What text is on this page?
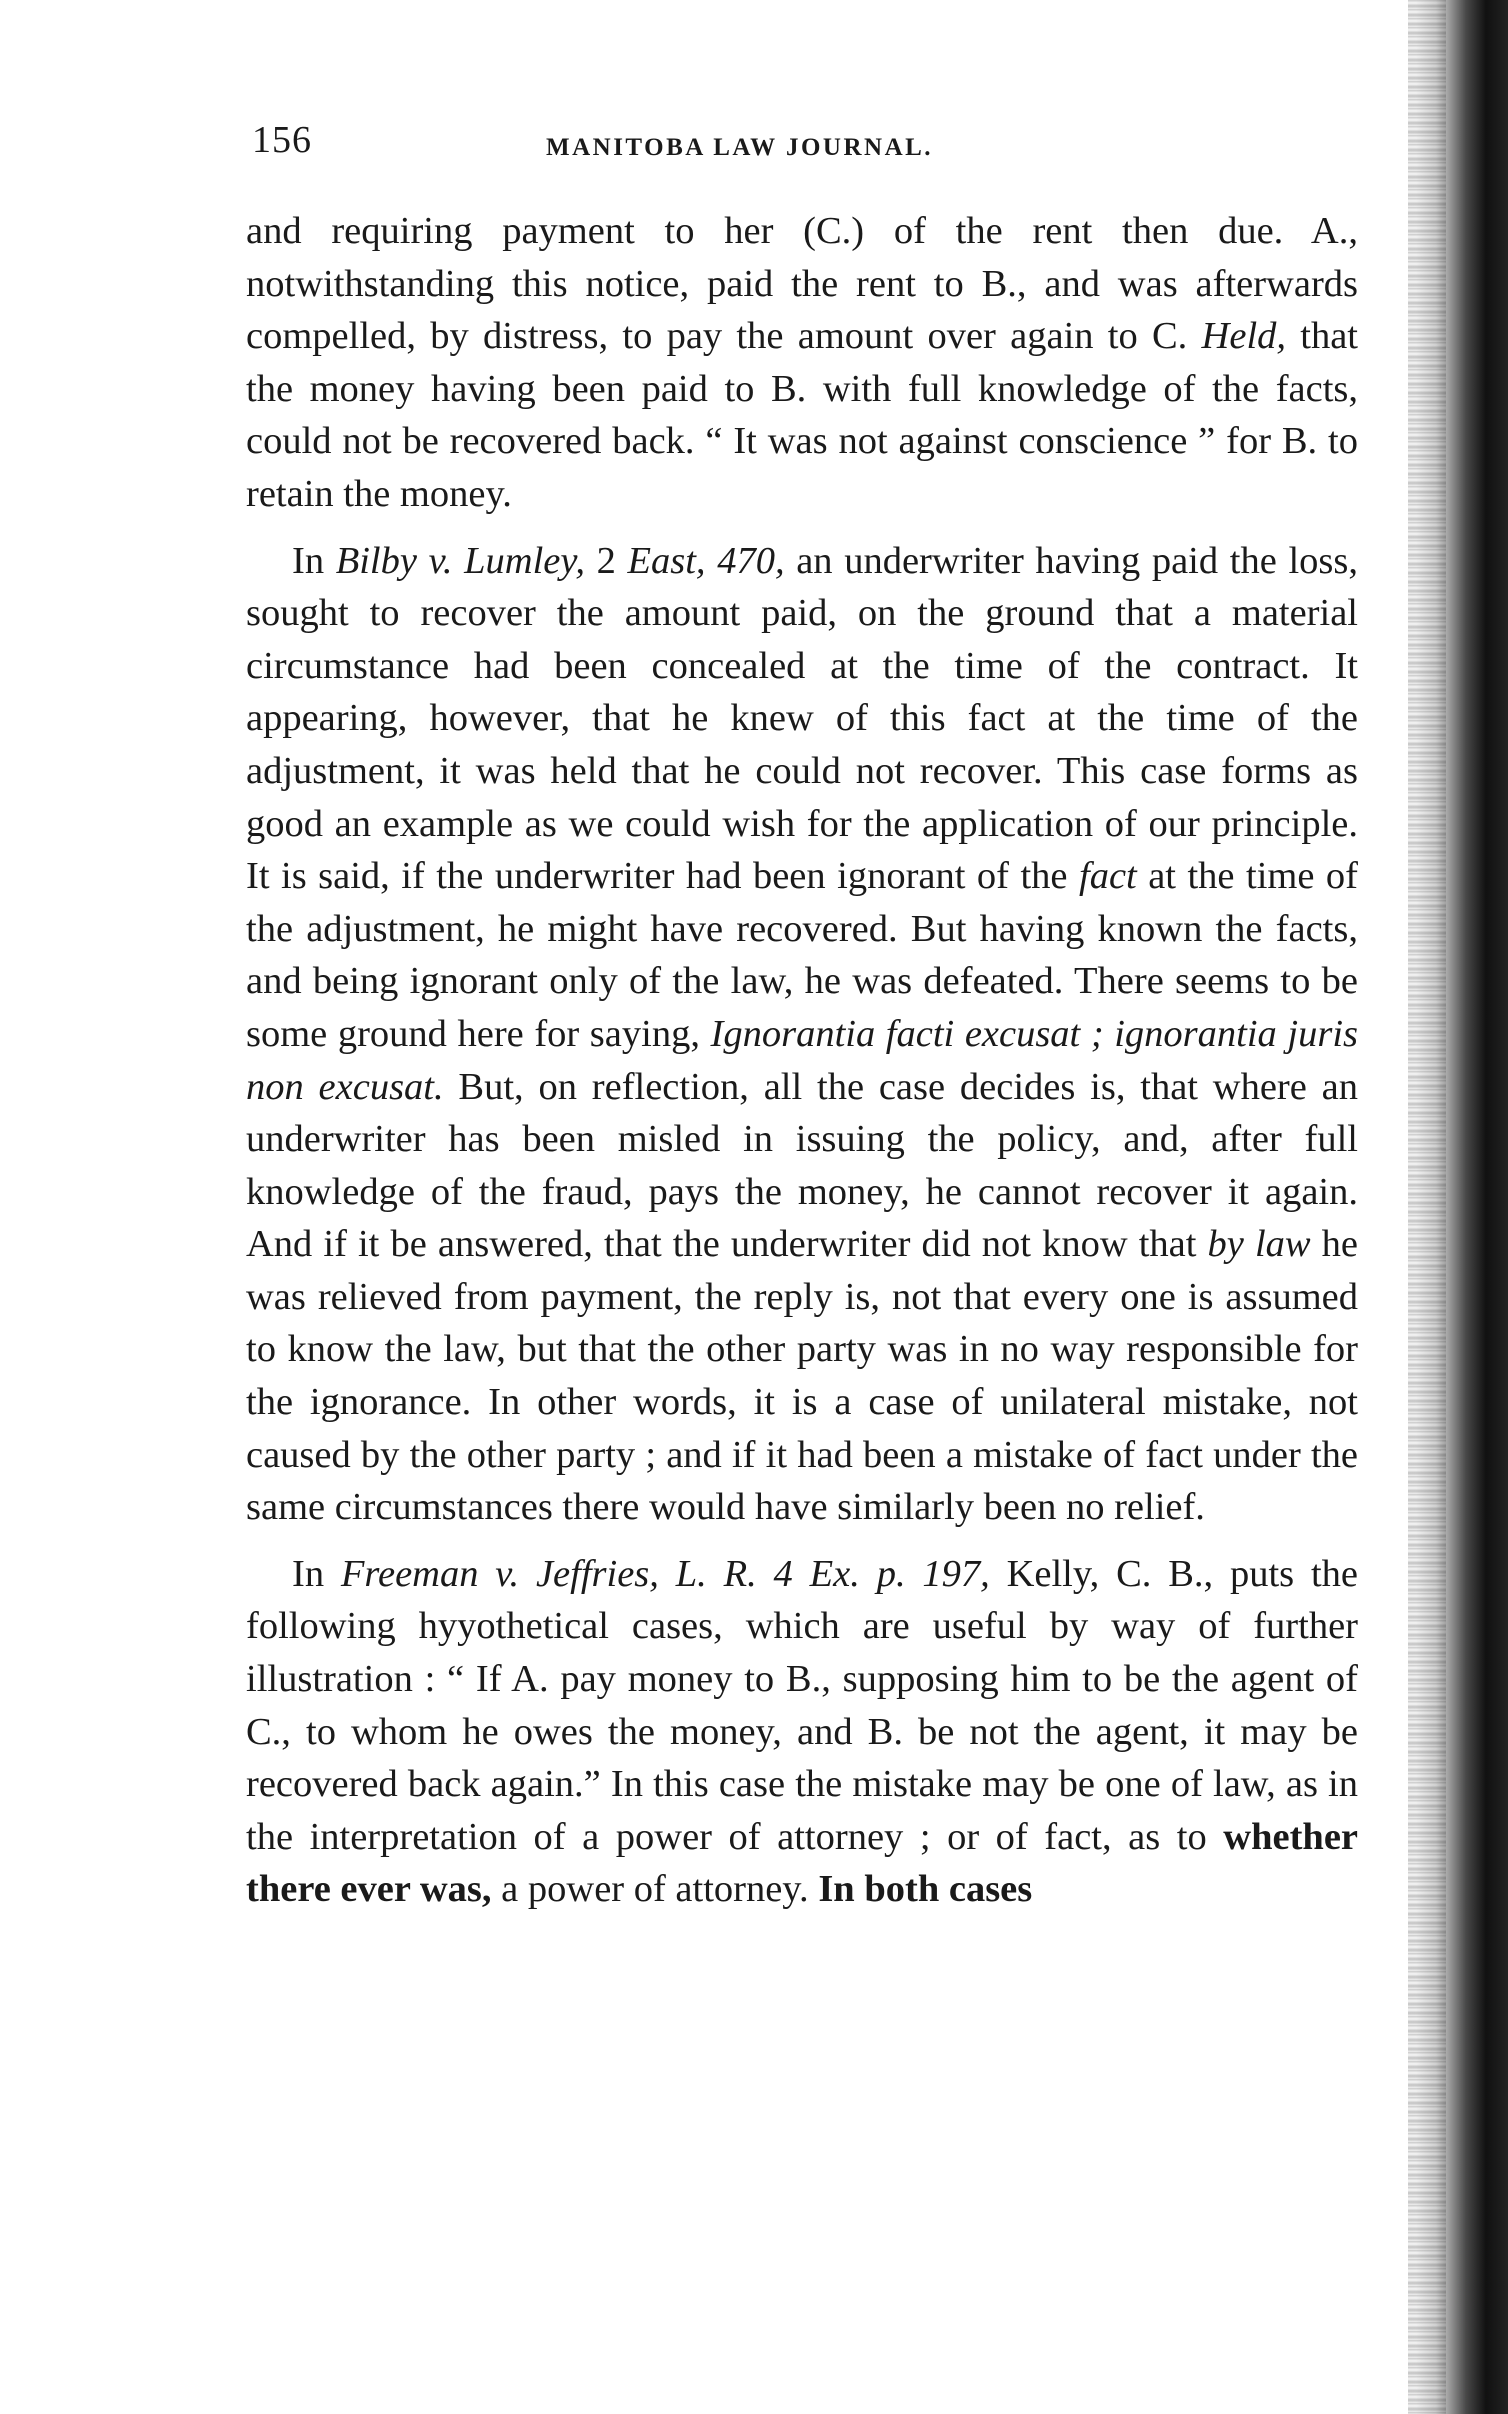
156	MANITOBA LAW JOURNAL.

and requiring payment to her (C.) of the rent then due. A., notwithstanding this notice, paid the rent to B., and was afterwards compelled, by distress, to pay the amount over again to C. Held, that the money having been paid to B. with full knowledge of the facts, could not be recovered back. “ It was not against conscience ” for B. to retain the money.

In Bilby v. Lumley, 2 East, 470, an underwriter having paid the loss, sought to recover the amount paid, on the ground that a material circumstance had been concealed at the time of the contract. It appearing, however, that he knew of this fact at the time of the adjustment, it was held that he could not recover. This case forms as good an example as we could wish for the application of our principle. It is said, if the underwriter had been ignorant of the fact at the time of the adjustment, he might have recovered. But having known the facts, and being ignorant only of the law, he was defeated. There seems to be some ground here for saying, Ignorantia facti excusat ; ignorantia juris non excusat. But, on reflection, all the case decides is, that where an underwriter has been misled in issuing the policy, and, after full knowledge of the fraud, pays the money, he cannot recover it again. And if it be answered, that the underwriter did not know that by law he was relieved from payment, the reply is, not that every one is assumed to know the law, but that the other party was in no way responsible for the ignorance. In other words, it is a case of unilateral mistake, not caused by the other party ; and if it had been a mistake of fact under the same circumstances there would have similarly been no relief.

In Freeman v. Jeffries, L. R. 4 Ex. p. 197, Kelly, C. B., puts the following hyyothetical cases, which are useful by way of further illustration : “ If A. pay money to B., supposing him to be the agent of C., to whom he owes the money, and B. be not the agent, it may be recovered back again.” In this case the mistake may be one of law, as in the interpretation of a power of attorney ; or of fact, as to whether there ever was, a power of attorney. In both cases
